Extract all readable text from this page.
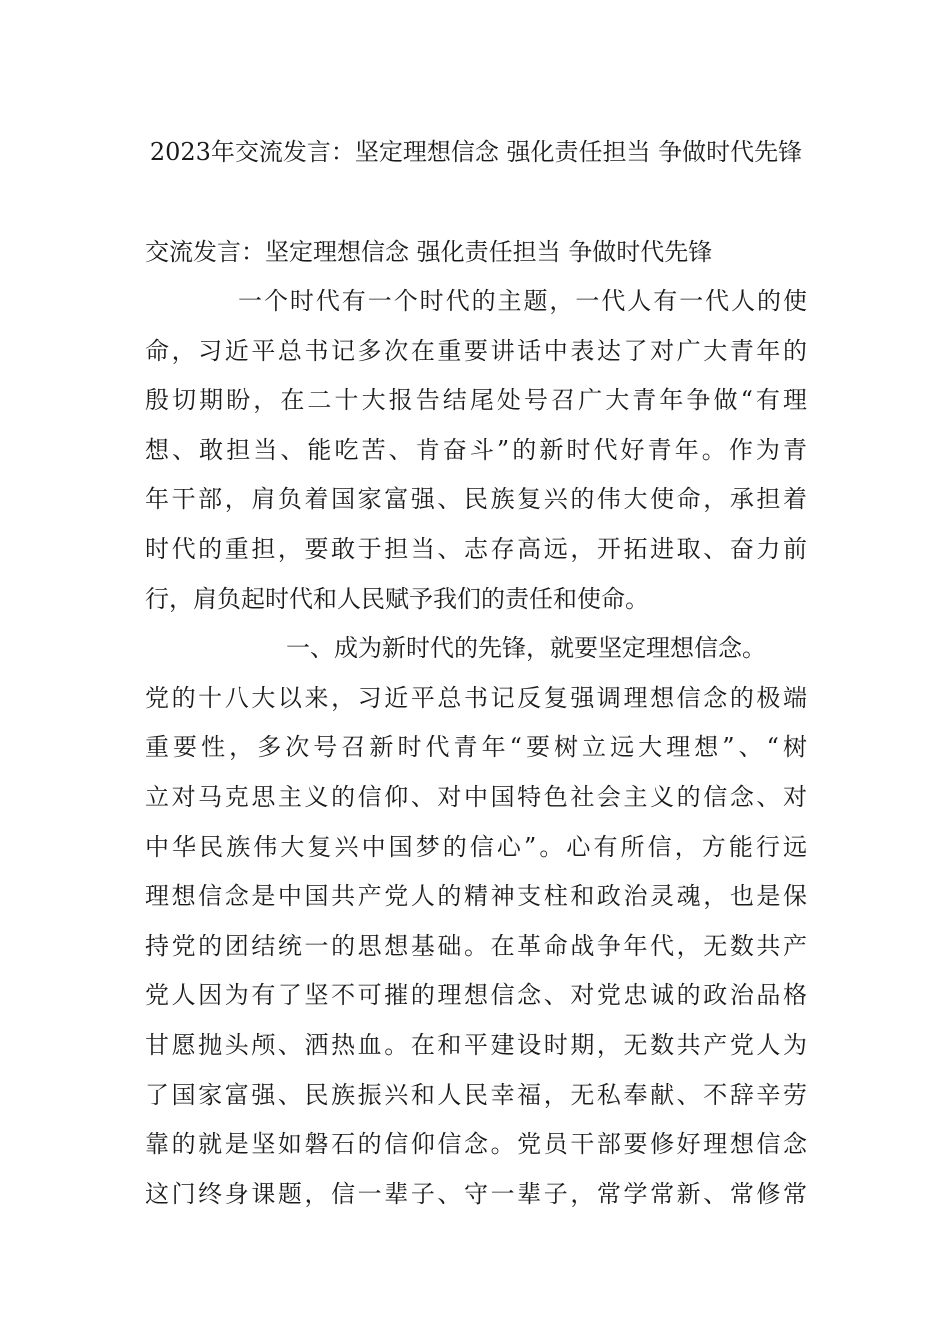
2023年交流发言：坚定理想信念 强化责任担当 争做时代先锋

交流发言：坚定理想信念 强化责任担当 争做时代先锋

一个时代有一个时代的主题，一代人有一代人的使
命，习近平总书记多次在重要讲话中表达了对广大青年的
殷切期盼，在二十大报告结尾处号召广大青年争做“有理
想、敢担当、能吃苦、肯奋斗”的新时代好青年。作为青
年干部，肩负着国家富强、民族复兴的伟大使命，承担着
时代的重担，要敢于担当、志存高远，开拓进取、奋力前
行，肩负起时代和人民赋予我们的责任和使命。
一、成为新时代的先锋，就要坚定理想信念。
党的十八大以来，习近平总书记反复强调理想信念的极端
重要性，多次号召新时代青年“要树立远大理想”、“树
立对马克思主义的信仰、对中国特色社会主义的信念、对
中华民族伟大复兴中国梦的信心”。心有所信，方能行远
理想信念是中国共产党人的精神支柱和政治灵魂，也是保
持党的团结统一的思想基础。在革命战争年代，无数共产
党人因为有了坚不可摧的理想信念、对党忠诚的政治品格
甘愿抛头颅、洒热血。在和平建设时期，无数共产党人为
了国家富强、民族振兴和人民幸福，无私奉献、不辞辛劳
靠的就是坚如磐石的信仰信念。党员干部要修好理想信念
这门终身课题，信一辈子、守一辈子，常学常新、常修常
